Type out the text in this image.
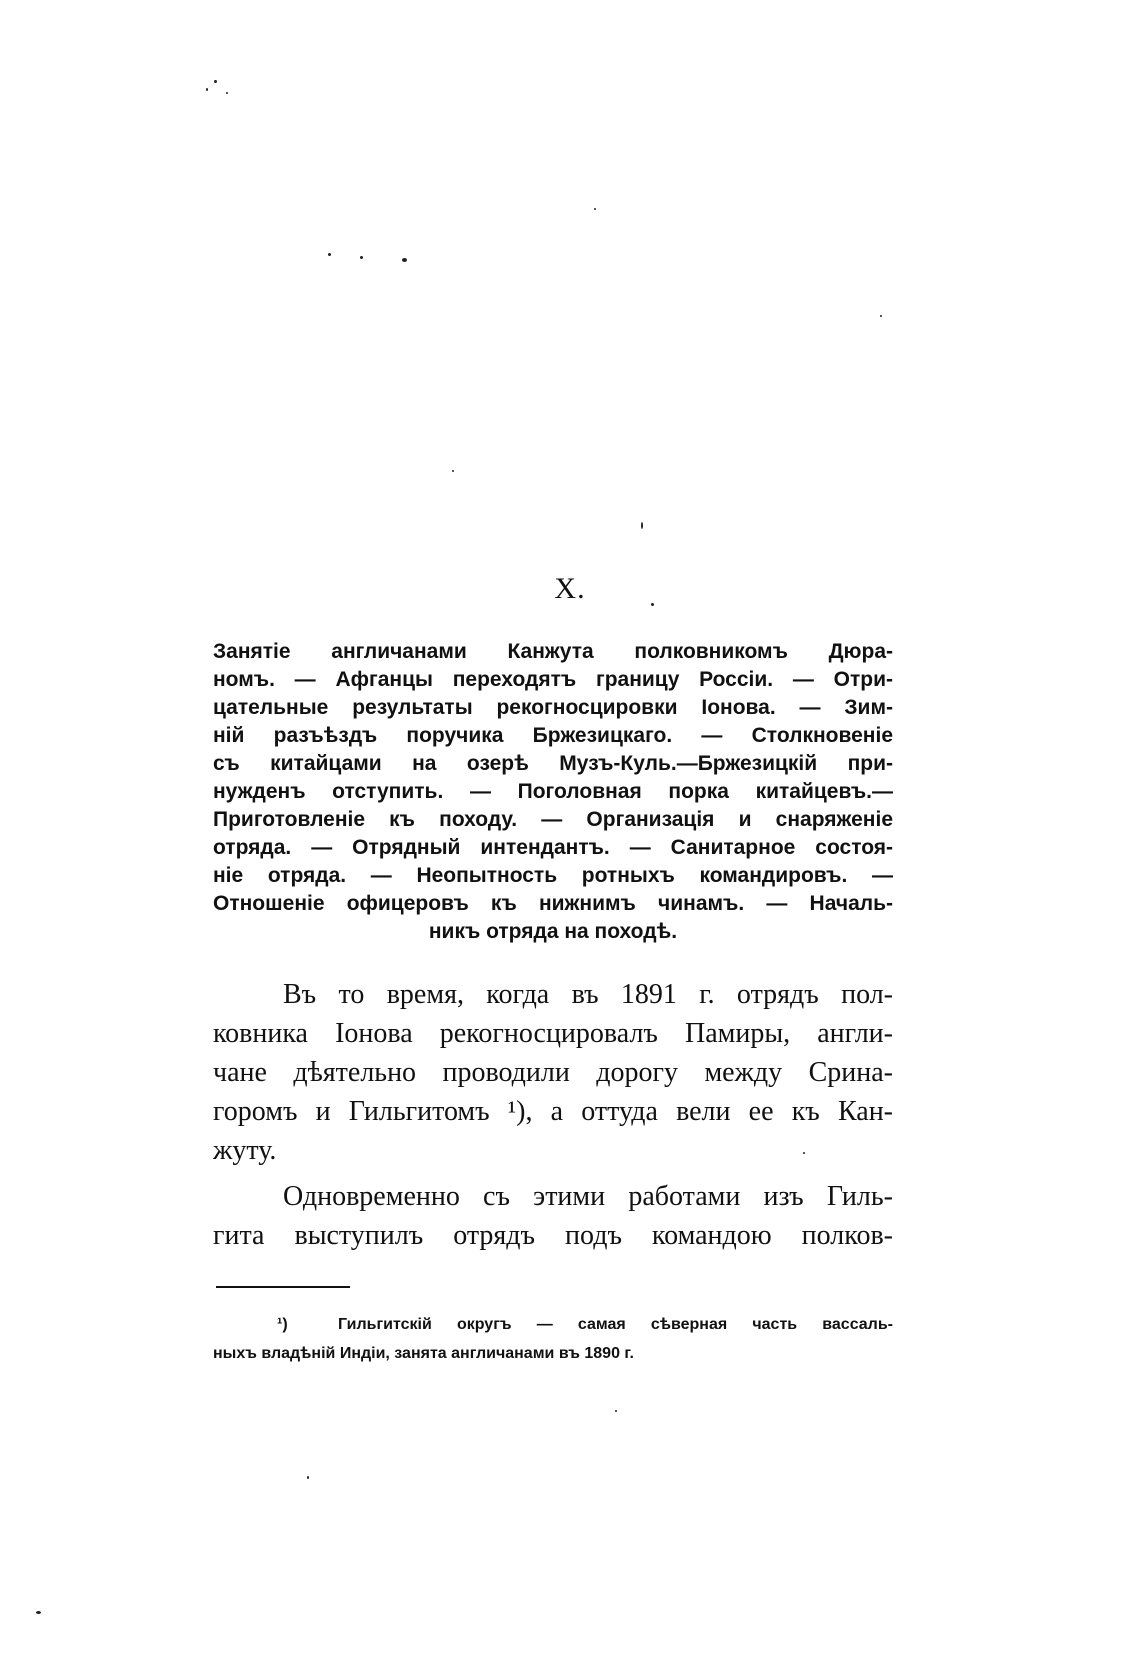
X.
Занятіе англичанами Канжута полковникомъ Дюра-
номъ. — Афганцы переходятъ границу Россіи. — Отри-
цательные результаты рекогносцировки Іонова. — Зим-
ній разъѣздъ поручика Бржезицкаго. — Столкновеніе
съ китайцами на озерѣ Музъ-Куль.—Бржезицкій при-
нужденъ отступить. — Поголовная порка китайцевъ.—
Приготовленіе къ походу. — Организація и снаряженіе
отряда. — Отрядный интендантъ. — Санитарное состоя-
ніе отряда. — Неопытность ротныхъ командировъ. —
Отношеніе офицеровъ къ нижнимъ чинамъ. — Началь-
никъ отряда на походѣ.
Въ то время, когда въ 1891 г. отрядъ пол-
ковника Іонова рекогносцировалъ Памиры, англи-
чане дѣятельно проводили дорогу между Срина-
горомъ и Гильгитомъ ¹), а оттуда вели ее къ Кан-
жуту.
Одновременно съ этими работами изъ Гиль-
гита выступилъ отрядъ подъ командою полков-
¹)	Гильгитскій округъ — самая сѣверная часть вассаль-
ныхъ владѣній Индіи, занята англичанами въ 1890 г.
